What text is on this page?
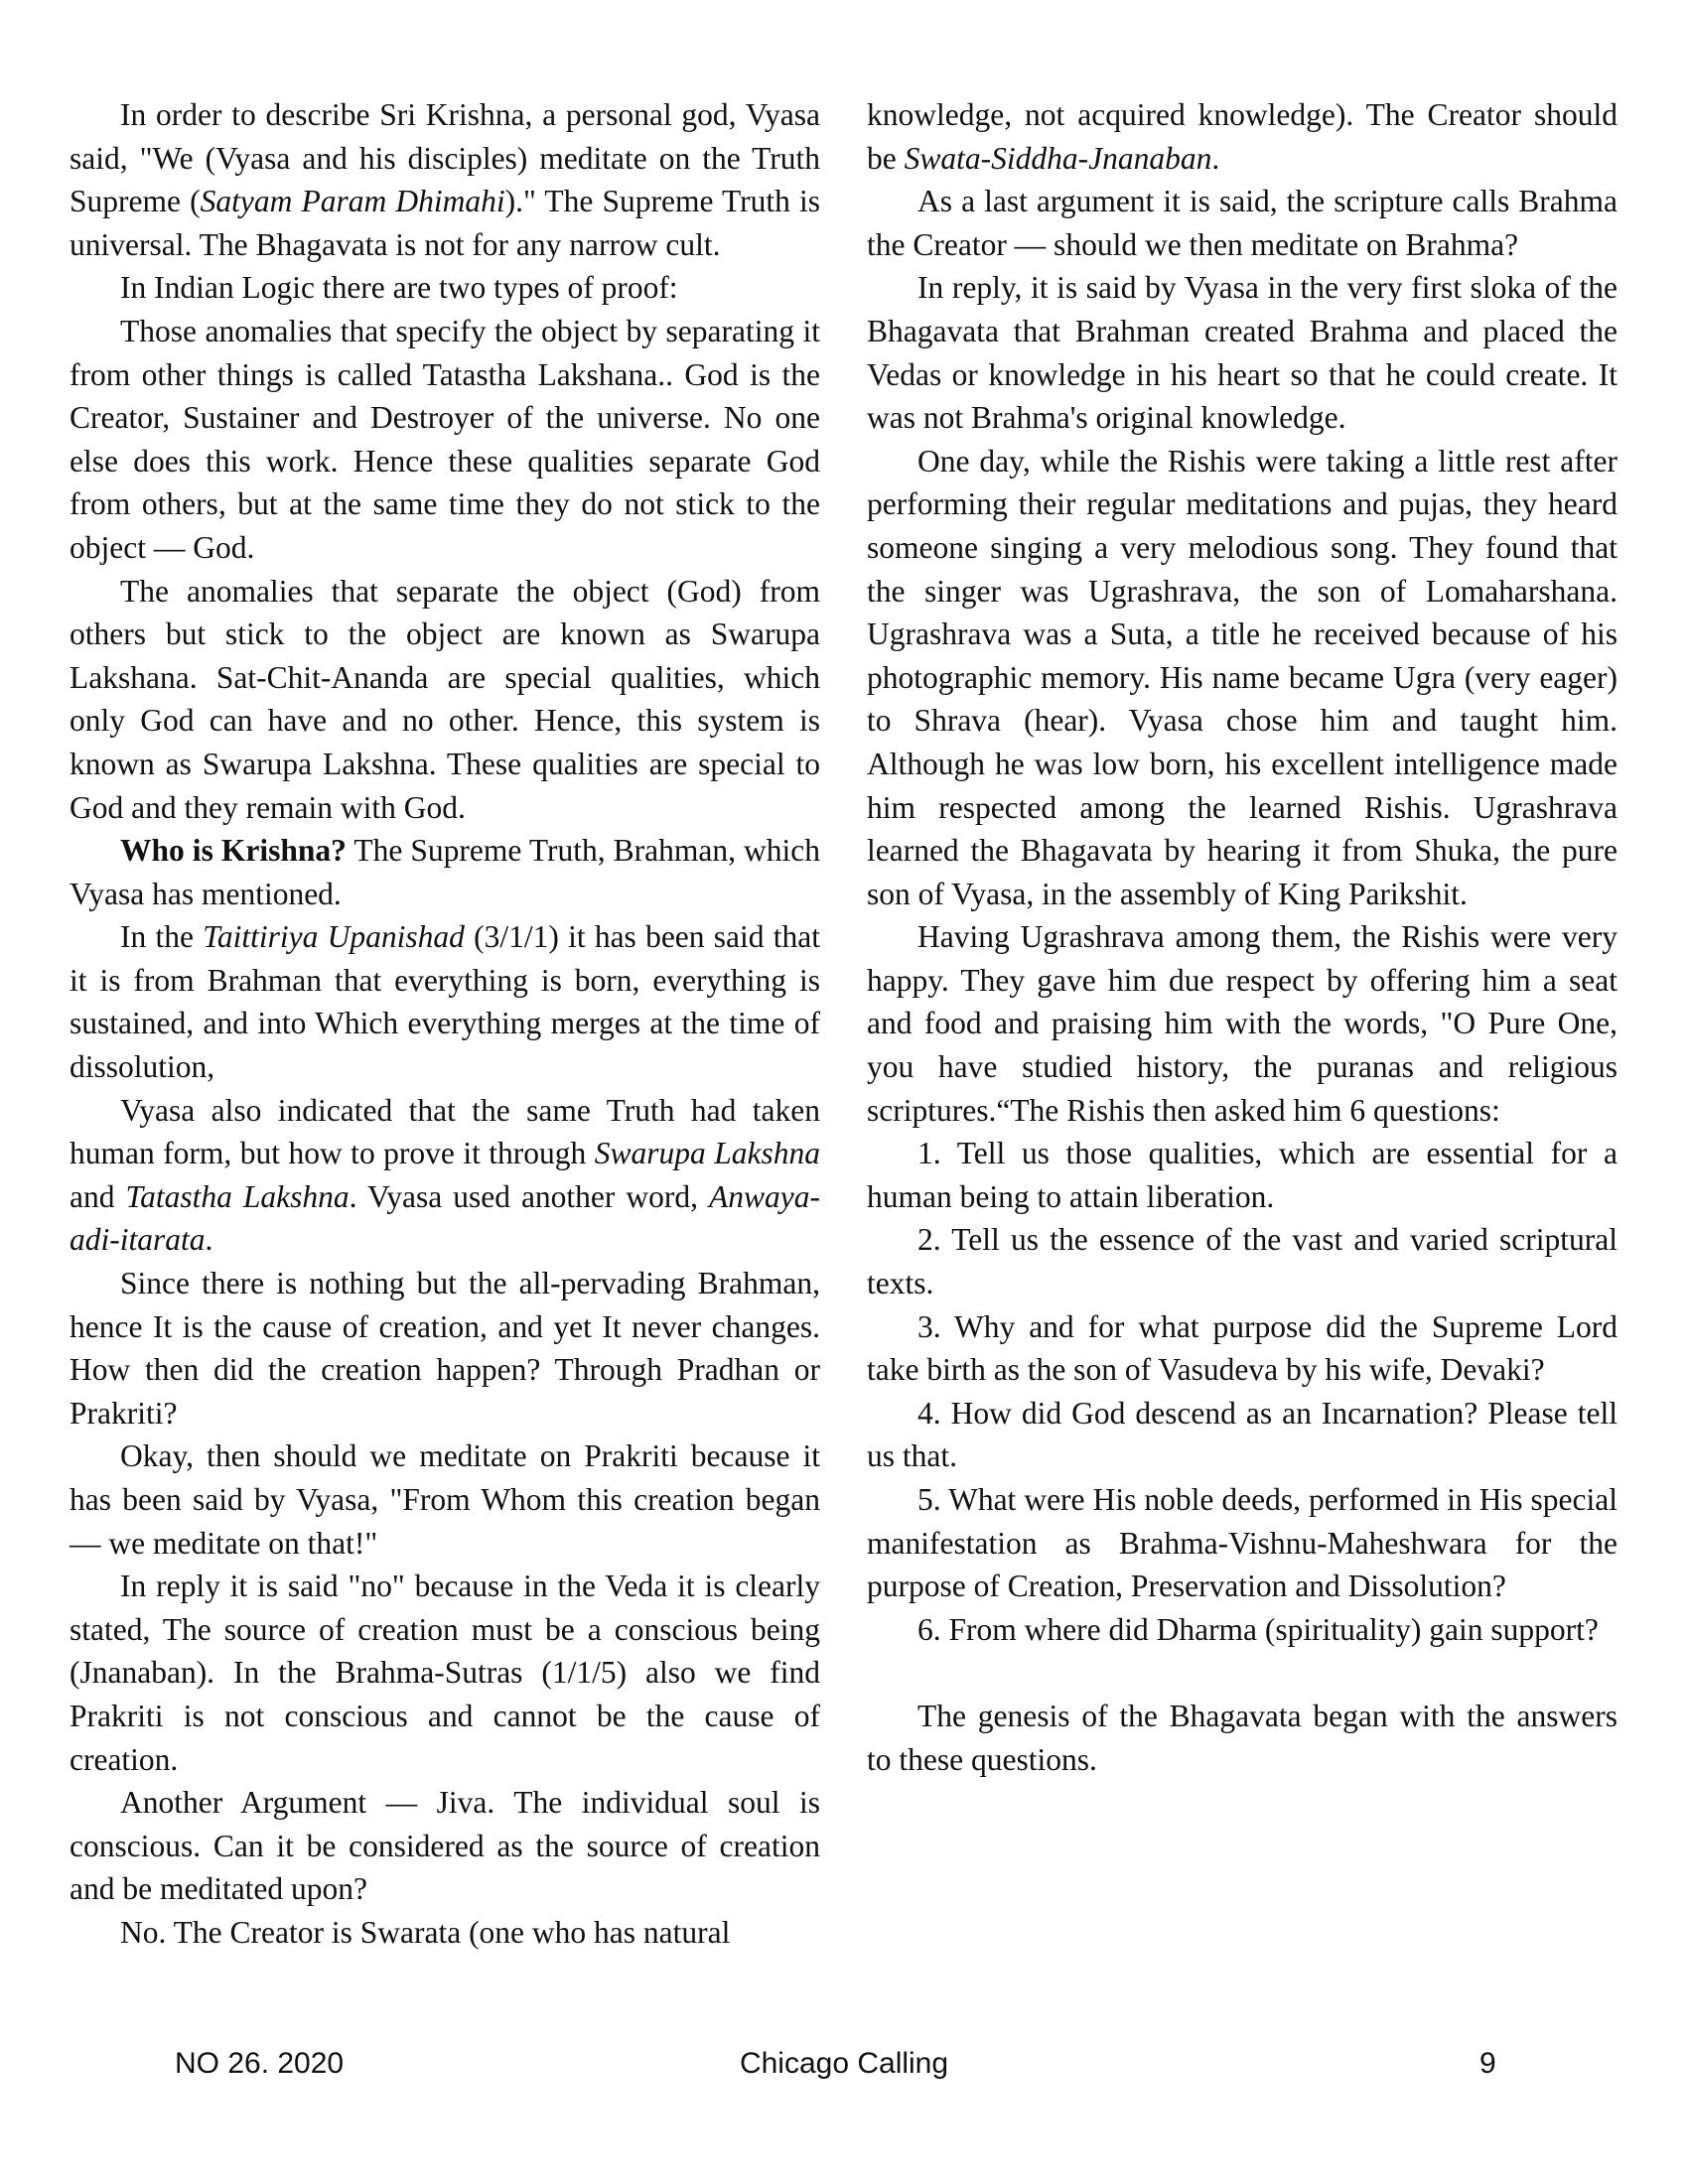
In order to describe Sri Krishna, a personal god, Vyasa said, "We (Vyasa and his disciples) meditate on the Truth Supreme (Satyam Param Dhimahi)." The Supreme Truth is universal. The Bhagavata is not for any narrow cult.

In Indian Logic there are two types of proof:

Those anomalies that specify the object by separating it from other things is called Tatastha Lakshana.. God is the Creator, Sustainer and Destroyer of the universe. No one else does this work. Hence these qualities separate God from others, but at the same time they do not stick to the object — God.

The anomalies that separate the object (God) from others but stick to the object are known as Swarupa Lakshana. Sat-Chit-Ananda are special qualities, which only God can have and no other. Hence, this system is known as Swarupa Lakshna. These qualities are special to God and they remain with God.

Who is Krishna? The Supreme Truth, Brahman, which Vyasa has mentioned.

In the Taittiriya Upanishad (3/1/1) it has been said that it is from Brahman that everything is born, everything is sustained, and into Which everything merges at the time of dissolution,

Vyasa also indicated that the same Truth had taken human form, but how to prove it through Swarupa Lakshna and Tatastha Lakshna. Vyasa used another word, Anwaya-adi-itarata.

Since there is nothing but the all-pervading Brahman, hence It is the cause of creation, and yet It never changes. How then did the creation happen? Through Pradhan or Prakriti?

Okay, then should we meditate on Prakriti because it has been said by Vyasa, "From Whom this creation began — we meditate on that!"

In reply it is said "no" because in the Veda it is clearly stated, The source of creation must be a conscious being (Jnanaban). In the Brahma-Sutras (1/1/5) also we find Prakriti is not conscious and cannot be the cause of creation.

Another Argument — Jiva. The individual soul is conscious. Can it be considered as the source of creation and be meditated upon?

No. The Creator is Swarata (one who has natural

knowledge, not acquired knowledge). The Creator should be Swata-Siddha-Jnanaban.

As a last argument it is said, the scripture calls Brahma the Creator — should we then meditate on Brahma?

In reply, it is said by Vyasa in the very first sloka of the Bhagavata that Brahman created Brahma and placed the Vedas or knowledge in his heart so that he could create. It was not Brahma's original knowledge.

One day, while the Rishis were taking a little rest after performing their regular meditations and pujas, they heard someone singing a very melodious song. They found that the singer was Ugrashrava, the son of Lomaharshana. Ugrashrava was a Suta, a title he received because of his photographic memory. His name became Ugra (very eager) to Shrava (hear). Vyasa chose him and taught him. Although he was low born, his excellent intelligence made him respected among the learned Rishis. Ugrashrava learned the Bhagavata by hearing it from Shuka, the pure son of Vyasa, in the assembly of King Parikshit.

Having Ugrashrava among them, the Rishis were very happy. They gave him due respect by offering him a seat and food and praising him with the words, "O Pure One, you have studied history, the puranas and religious scriptures.“The Rishis then asked him 6 questions:

1. Tell us those qualities, which are essential for a human being to attain liberation.

2. Tell us the essence of the vast and varied scriptural texts.

3. Why and for what purpose did the Supreme Lord take birth as the son of Vasudeva by his wife, Devaki?

4. How did God descend as an Incarnation? Please tell us that.

5. What were His noble deeds, performed in His special manifestation as Brahma-Vishnu-Maheshwara for the purpose of Creation, Preservation and Dissolution?

6. From where did Dharma (spirituality) gain support?

The genesis of the Bhagavata began with the answers to these questions.

Chicago Calling
NO 26. 2020	9
